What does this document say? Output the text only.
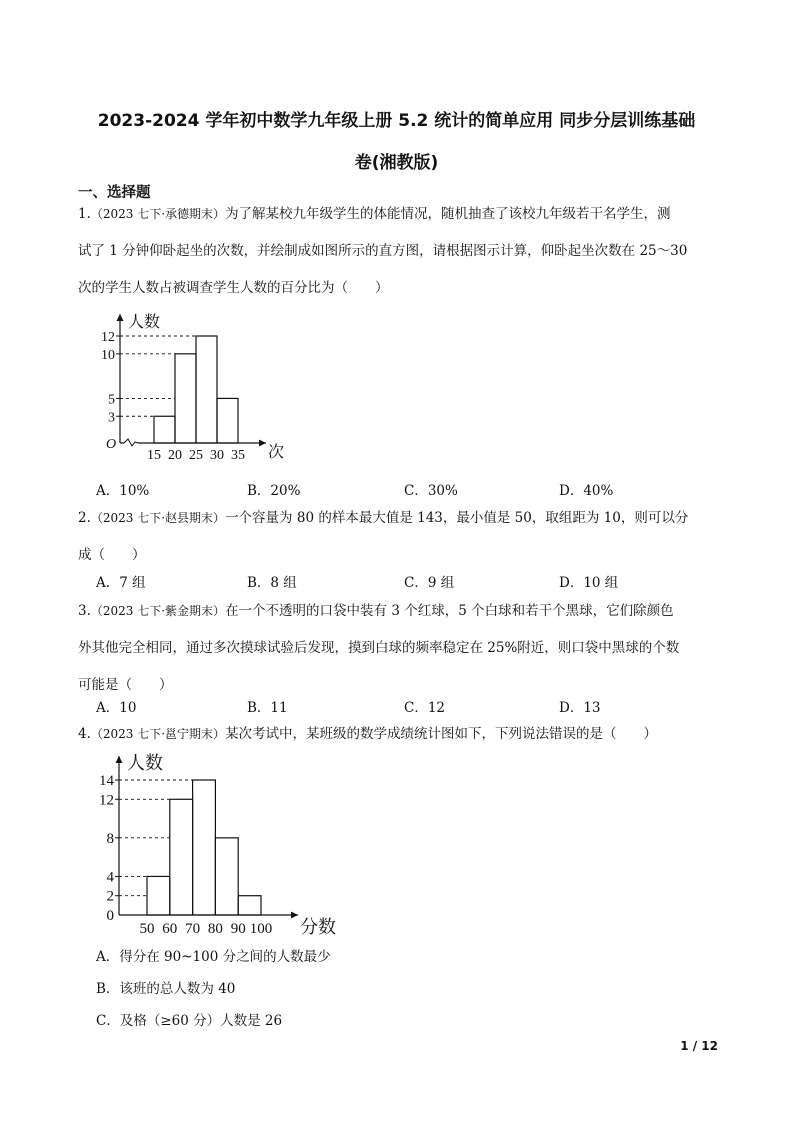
2023-2024 学年初中数学九年级上册 5.2 统计的简单应用 同步分层训练基础
卷(湘教版)
一、选择题
1.（2023 七下·承德期末）为了解某校九年级学生的体能情况，随机抽查了该校九年级若干名学生，测
试了 1 分钟仰卧起坐的次数，并绘制成如图所示的直方图，请根据图示计算，仰卧起坐次数在 25～30
次的学生人数占被调查学生人数的百分比为（　　）
人数
次
O
3
5
10
12
15 20 25 30 35
A．10%	B．20%	C．30%	D．40%
2.（2023 七下·赵县期末）一个容量为 80 的样本最大值是 143，最小值是 50，取组距为 10，则可以分
成（　　）
A．7 组	B．8 组	C．9 组	D．10 组
3.（2023 七下·紫金期末）在一个不透明的口袋中装有 3 个红球，5 个白球和若干个黑球，它们除颜色
外其他完全相同，通过多次摸球试验后发现，摸到白球的频率稳定在 25%附近，则口袋中黑球的个数
可能是（　　）
A．10	B．11	C．12	D．13
4.（2023 七下·邕宁期末）某次考试中，某班级的数学成绩统计图如下，下列说法错误的是（　　）
人数
分数
0
2
4
8
12
14
50 60 70 80 90 100
A．得分在 90~100 分之间的人数最少
B．该班的总人数为 40
C．及格（≥60 分）人数是 26
1 / 12
